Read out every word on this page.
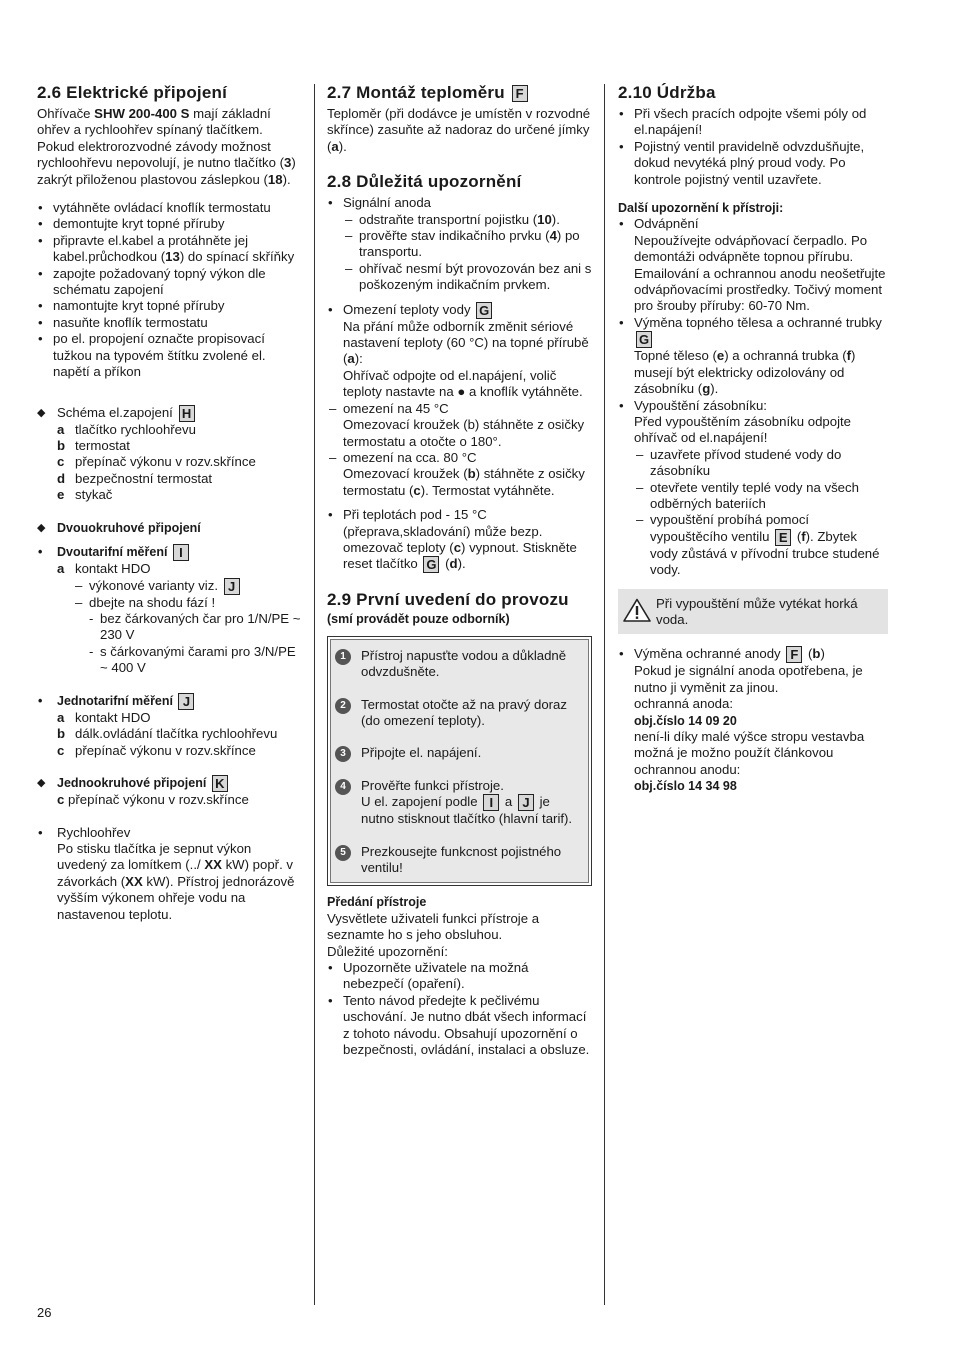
2.6 Elektrické připojení

Ohřívače SHW 200-400 S mají základní ohřev a rychloohřev spínaný tlačítkem. Pokud elektrorozvodné závody možnost rychloohřevu nepovolují, je nutno tlačítko (3) zakrýt přiloženou plastovou záslepkou (18).

• vytáhněte ovládací knoflík termostatu
• demontujte kryt topné příruby
• připravte el.kabel a protáhněte jej kabel.průchodkou (13) do spínací skříňky
• zapojte požadovaný topný výkon dle schématu zapojení
• namontujte kryt topné příruby
• nasuňte knoflík termostatu
• po el. propojení označte propisovací tužkou na typovém štítku zvolené el. napětí a příkon
◆ Schéma el.zapojení H
a tlačítko rychloohřevu
b termostat
c přepínač výkonu v rozv.skřínce
d bezpečnostní termostat
e stykač
◆ Dvouokruhové připojení
• Dvoutarifní měření I
a kontakt HDO
– výkonové varianty viz. J
– dbejte na shodu fází !
- bez čárkovaných čar pro 1/N/PE ~ 230 V
- s čárkovanými čarami pro 3/N/PE ~ 400 V
• Jednotarifní měření J
a kontakt HDO
b dálk.ovládání tlačítka rychloohřevu
c přepínač výkonu v rozv.skřínce
◆ Jednookruhové připojení K
c přepínač výkonu v rozv.skřínce
• Rychloohřev

Po stisku tlačítka je sepnut výkon uvedený za lomítkem (../ XX kW) popř. v závorkách (XX kW). Přístroj jednorázově vyšším výkonem ohřeje vodu na nastavenou teplotu.

2.7 Montáž teploměru F

Teploměr (při dodávce je umístěn v rozvodné skřínce) zasuňte až nadoraz do určené jímky (a).

2.8 Důležitá upozornění
• Signální anoda
– odstraňte transportní pojistku (10).
– prověřte stav indikačního prvku (4) po transportu.
– ohřívač nesmí být provozován bez ani s poškozeným indikačním prvkem.
• Omezení teploty vody G

Na přání může odborník změnit sériové nastavení teploty (60 °C) na topné přírubě (a):

Ohřívač odpojte od el.napájení, volič teploty nastavte na ● a knoflík vytáhněte.

– omezení na 45 °C
Omezovací kroužek (b) stáhněte z osičky termostatu a otočte o 180°.
– omezení na cca. 80 °C
Omezovací kroužek (b) stáhněte z osičky termostatu (c). Termostat vytáhněte.
• Při teplotách pod - 15 °C (přeprava,skladování) může bezp. omezovač teploty (c) vypnout. Stiskněte reset tlačítko G (d).
2.9 První uvedení do provozu
(smí provádět pouze odborník)
1	Přístroj napusťte vodou a důkladně odvzdušněte.
2	Termostat otočte až na pravý doraz (do omezení teploty).
3	Připojte el. napájení.
4	Prověřte funkci přístroje.
U el. zapojení podle I a J je nutno stisknout tlačítko (hlavní tarif).
5	Prezkousejte funkcnost pojistného ventilu!
Předání přístroje

Vysvětlete uživateli funkci přístroje a seznamte ho s jeho obsluhou.

Důležité upozornění:

• Upozorněte uživatele na možná nebezpečí (opaření).
• Tento návod předejte k pečlivému uschování. Je nutno dbát všech informací z tohoto návodu. Obsahují upozornění o bezpečnosti, ovládání, instalaci a obsluze.
2.10 Údržba
• Při všech pracích odpojte všemi póly od el.napájení!
• Pojistný ventil pravidelně odvzdušňujte, dokud nevytéká plný proud vody. Po kontrole pojistný ventil uzavřete.
Další upozornění k přístroji:
• Odvápnění
Nepoužívejte odvápňovací čerpadlo. Po demontáži odvápněte topnou přírubu. Emailování a ochrannou anodu neošetřujte odvápňovacími prostředky. Točivý moment pro šrouby příruby: 60-70 Nm.
• Výměna topného tělesa a ochranné trubky G
Topné těleso (e) a ochranná trubka (f) musejí být elektricky odizolovány od zásobníku (g).
• Vypouštění zásobníku:
Před vypouštěním zásobníku odpojte ohřívač od el.napájení!
– uzavřete přívod studené vody do zásobníku
– otevřete ventily teplé vody na všech odběrných bateriích
– vypouštění probíhá pomocí vypouštěcího ventilu E (f). Zbytek vody zůstává v přívodní trubce studené vody.
Při vypouštění může vytékat horká voda.
• Výměna ochranné anody F (b)
Pokud je signální anoda opotřebena, je nutno ji vyměnit za jinou.
ochranná anoda:
obj.číslo 14 09 20
není-li díky malé výšce stropu vestavba možná je možno použít článkovou ochrannou anodu:
obj.číslo 14 34 98
26
